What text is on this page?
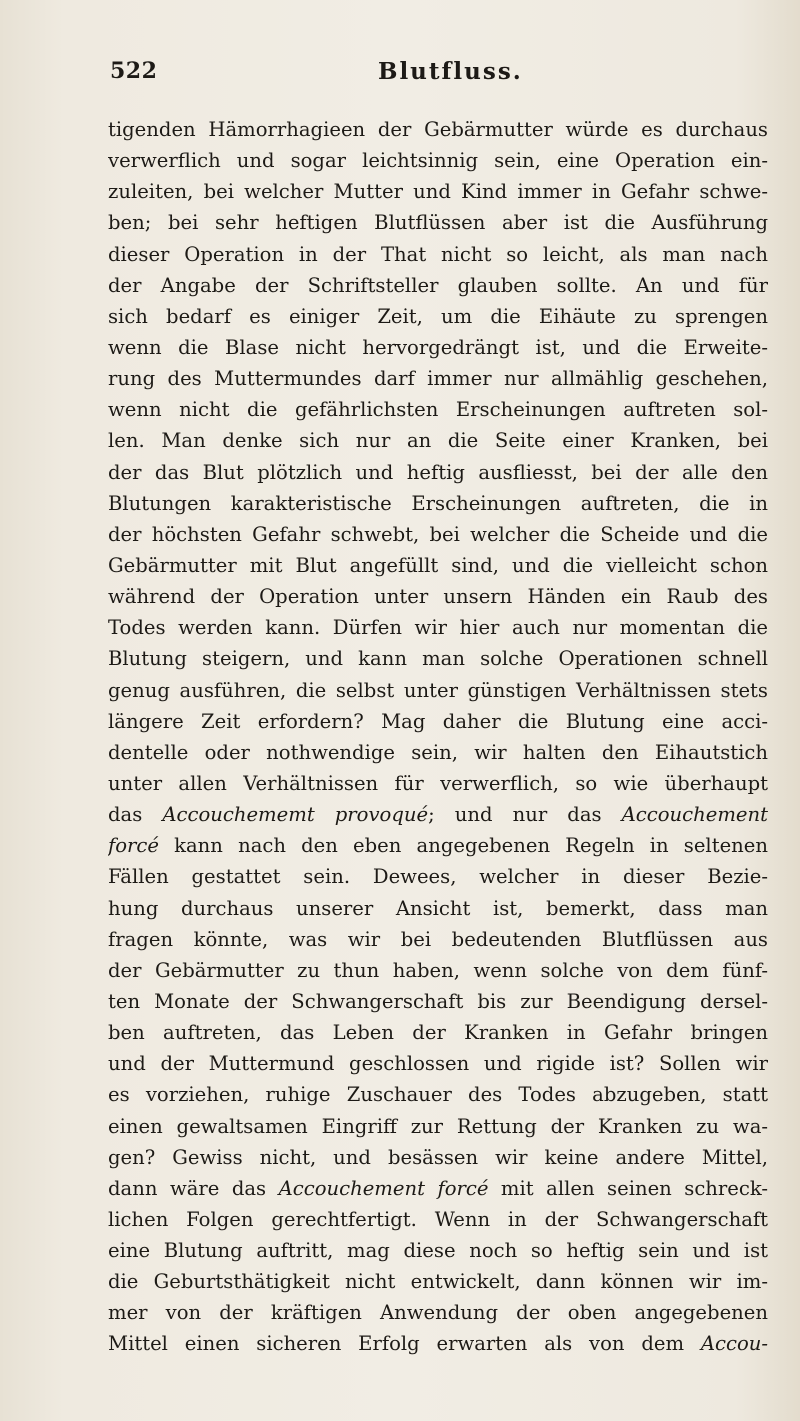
522	Blutfluss.
tigenden Hämorrhagieen der Gebärmutter würde es durchaus
verwerflich und sogar leichtsinnig sein, eine Operation ein-
zuleiten, bei welcher Mutter und Kind immer in Gefahr schwe-
ben; bei sehr heftigen Blutflüssen aber ist die Ausführung
dieser Operation in der That nicht so leicht, als man nach
der Angabe der Schriftsteller glauben sollte. An und für
sich bedarf es einiger Zeit, um die Eihäute zu sprengen
wenn die Blase nicht hervorgedrängt ist, und die Erweite-
rung des Muttermundes darf immer nur allmählig geschehen,
wenn nicht die gefährlichsten Erscheinungen auftreten sol-
len. Man denke sich nur an die Seite einer Kranken, bei
der das Blut plötzlich und heftig ausfliesst, bei der alle den
Blutungen karakteristische Erscheinungen auftreten, die in
der höchsten Gefahr schwebt, bei welcher die Scheide und die
Gebärmutter mit Blut angefüllt sind, und die vielleicht schon
während der Operation unter unsern Händen ein Raub des
Todes werden kann. Dürfen wir hier auch nur momentan die
Blutung steigern, und kann man solche Operationen schnell
genug ausführen, die selbst unter günstigen Verhältnissen stets
längere Zeit erfordern? Mag daher die Blutung eine acci-
dentelle oder nothwendige sein, wir halten den Eihautstich
unter allen Verhältnissen für verwerflich, so wie überhaupt
das Accouchememt provoqué; und nur das Accouchement
forcé kann nach den eben angegebenen Regeln in seltenen
Fällen gestattet sein. Dewees, welcher in dieser Bezie-
hung durchaus unserer Ansicht ist, bemerkt, dass man
fragen könnte, was wir bei bedeutenden Blutflüssen aus
der Gebärmutter zu thun haben, wenn solche von dem fünf-
ten Monate der Schwangerschaft bis zur Beendigung dersel-
ben auftreten, das Leben der Kranken in Gefahr bringen
und der Muttermund geschlossen und rigide ist? Sollen wir
es vorziehen, ruhige Zuschauer des Todes abzugeben, statt
einen gewaltsamen Eingriff zur Rettung der Kranken zu wa-
gen? Gewiss nicht, und besässen wir keine andere Mittel,
dann wäre das Accouchement forcé mit allen seinen schreck-
lichen Folgen gerechtfertigt. Wenn in der Schwangerschaft
eine Blutung auftritt, mag diese noch so heftig sein und ist
die Geburtsthätigkeit nicht entwickelt, dann können wir im-
mer von der kräftigen Anwendung der oben angegebenen
Mittel einen sicheren Erfolg erwarten als von dem Accou-
